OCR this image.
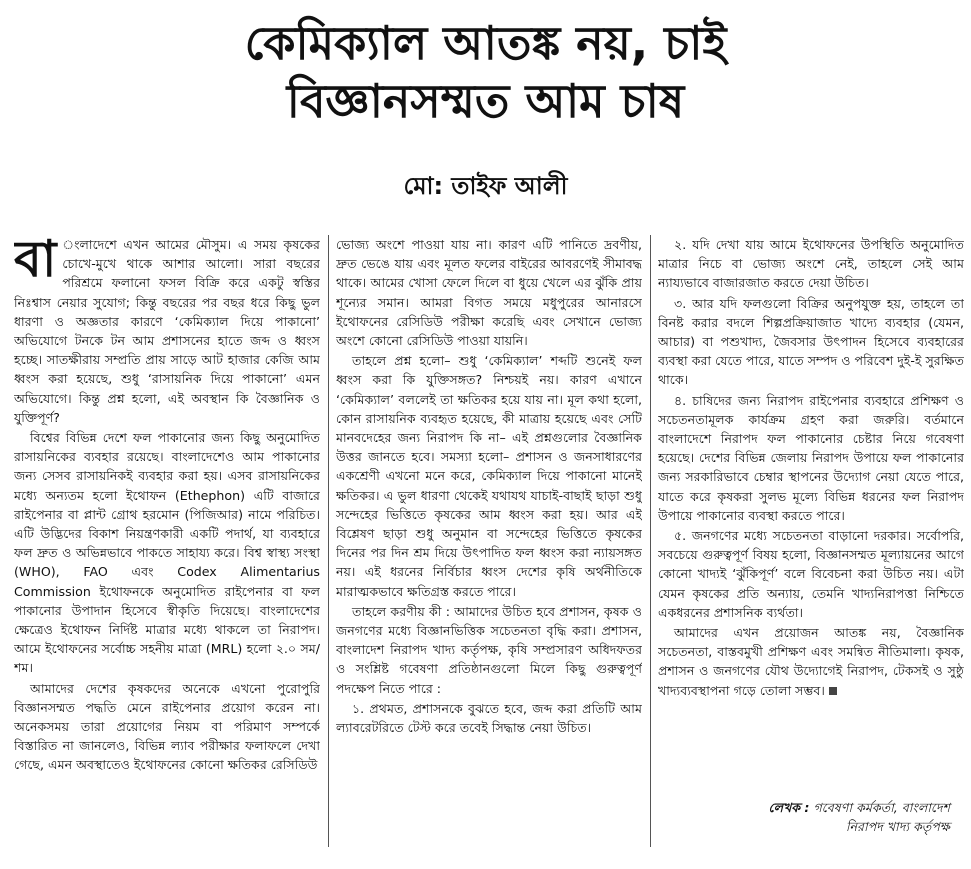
কেমিক্যাল আতঙ্ক নয়, চাই
বিজ্ঞানসম্মত আম চাষ
মো: তাইফ আলী

বা ংলাদেশে এখন আমের মৌসুম। এ সময় কৃষকের চোখে-মুখে থাকে আশার আলো। সারা বছরের পরিশ্রমে ফলানো ফসল বিক্রি করে একটু স্বস্তির নিঃশ্বাস নেয়ার সুযোগ; কিন্তু বছরের পর বছর ধরে কিছু ভুল ধারণা ও অজ্ঞতার কারণে ‘কেমিক্যাল দিয়ে পাকানো’ অভিযোগে টনকে টন আম প্রশাসনের হাতে জব্দ ও ধ্বংস হচ্ছে। সাতক্ষীরায় সম্প্রতি প্রায় সাড়ে আট হাজার কেজি আম ধ্বংস করা হয়েছে, শুধু ‘রাসায়নিক দিয়ে পাকানো’ এমন অভিযোগে। কিন্তু প্রশ্ন হলো, এই অবস্থান কি বৈজ্ঞানিক ও যুক্তিপূর্ণ?

বিশ্বের বিভিন্ন দেশে ফল পাকানোর জন্য কিছু অনুমোদিত রাসায়নিকের ব্যবহার রয়েছে। বাংলাদেশেও আম পাকানোর জন্য সেসব রাসায়নিকই ব্যবহার করা হয়। এসব রাসায়নিকের মধ্যে অন্যতম হলো ইথোফন (Ethephon) এটি বাজারে রাইপেনার বা প্লান্ট গ্রোথ হরমোন (পিজিআর) নামে পরিচিত। এটি উদ্ভিদের বিকাশ নিয়ন্ত্রণকারী একটি পদার্থ, যা ব্যবহারে ফল দ্রুত ও অভিন্নভাবে পাকতে সাহায্য করে। বিশ্ব স্বাস্থ্য সংস্থা (WHO), FAO এবং Codex Alimentarius Commission ইথোফনকে অনুমোদিত রাইপেনার বা ফল পাকানোর উপাদান হিসেবে স্বীকৃতি দিয়েছে। বাংলাদেশের ক্ষেত্রেও ইথোফন নির্দিষ্ট মাত্রার মধ্যে থাকলে তা নিরাপদ। আমে ইথোফনের সর্বোচ্চ সহনীয় মাত্রা (MRL) হলো ২.০ সম/শম।

আমাদের দেশের কৃষকদের অনেকে এখনো পুরোপুরি বিজ্ঞানসম্মত পদ্ধতি মেনে রাইপেনার প্রয়োগ করেন না। অনেকসময় তারা প্রয়োগের নিয়ম বা পরিমাণ সম্পর্কে বিস্তারিত না জানলেও, বিভিন্ন ল্যাব পরীক্ষার ফলাফলে দেখা গেছে, এমন অবস্থাতেও ইথোফনের কোনো ক্ষতিকর রেসিডিউ

ভোজ্য অংশে পাওয়া যায় না। কারণ এটি পানিতে দ্রবণীয়, দ্রুত ভেঙে যায় এবং মূলত ফলের বাইরের আবরণেই সীমাবদ্ধ থাকে। আমের খোসা ফেলে দিলে বা ধুয়ে খেলে এর ঝুঁকি প্রায় শূন্যের সমান। আমরা বিগত সময়ে মধুপুরের আনারসে ইথোফনের রেসিডিউ পরীক্ষা করেছি এবং সেখানে ভোজ্য অংশে কোনো রেসিডিউ পাওয়া যায়নি।

তাহলে প্রশ্ন হলো– শুধু ‘কেমিক্যাল’ শব্দটি শুনেই ফল ধ্বংস করা কি যুক্তিসঙ্গত? নিশ্চয়ই নয়। কারণ এখানে ‘কেমিক্যাল’ বললেই তা ক্ষতিকর হয়ে যায় না। মূল কথা হলো, কোন রাসায়নিক ব্যবহৃত হয়েছে, কী মাত্রায় হয়েছে এবং সেটি মানবদেহের জন্য নিরাপদ কি না– এই প্রশ্নগুলোর বৈজ্ঞানিক উত্তর জানতে হবে। সমস্যা হলো– প্রশাসন ও জনসাধারণের একশ্রেণী এখনো মনে করে, কেমিক্যাল দিয়ে পাকানো মানেই ক্ষতিকর। এ ভুল ধারণা থেকেই যথাযথ যাচাই-বাছাই ছাড়া শুধু সন্দেহের ভিত্তিতে কৃষকের আম ধ্বংস করা হয়। আর এই বিশ্লেষণ ছাড়া শুধু অনুমান বা সন্দেহের ভিত্তিতে কৃষকের দিনের পর দিন শ্রম দিয়ে উৎপাদিত ফল ধ্বংস করা ন্যায়সঙ্গত নয়। এই ধরনের নির্বিচার ধ্বংস দেশের কৃষি অর্থনীতিকে মারাত্মকভাবে ক্ষতিগ্রস্ত করতে পারে।

তাহলে করণীয় কী : আমাদের উচিত হবে প্রশাসন, কৃষক ও জনগণের মধ্যে বিজ্ঞানভিত্তিক সচেতনতা বৃদ্ধি করা। প্রশাসন, বাংলাদেশ নিরাপদ খাদ্য কর্তৃপক্ষ, কৃষি সম্প্রসারণ অধিদফতর ও সংশ্লিষ্ট গবেষণা প্রতিষ্ঠানগুলো মিলে কিছু গুরুত্বপূর্ণ পদক্ষেপ নিতে পারে :

১. প্রথমত, প্রশাসনকে বুঝতে হবে, জব্দ করা প্রতিটি আম ল্যাবরেটরিতে টেস্ট করে তবেই সিদ্ধান্ত নেয়া উচিত।

২. যদি দেখা যায় আমে ইথোফনের উপস্থিতি অনুমোদিত মাত্রার নিচে বা ভোজ্য অংশে নেই, তাহলে সেই আম ন্যায্যভাবে বাজারজাত করতে দেয়া উচিত।

৩. আর যদি ফলগুলো বিক্রির অনুপযুক্ত হয়, তাহলে তা বিনষ্ট করার বদলে শিল্পপ্রক্রিয়াজাত খাদ্যে ব্যবহার (যেমন, আচার) বা পশুখাদ্য, জৈবসার উৎপাদন হিসেবে ব্যবহারের ব্যবস্থা করা যেতে পারে, যাতে সম্পদ ও পরিবেশ দুই-ই সুরক্ষিত থাকে।

৪. চাষিদের জন্য নিরাপদ রাইপেনার ব্যবহারে প্রশিক্ষণ ও সচেতনতামূলক কার্যক্রম গ্রহণ করা জরুরি। বর্তমানে বাংলাদেশে নিরাপদ ফল পাকানোর চেষ্টার নিয়ে গবেষণা হয়েছে। দেশের বিভিন্ন জেলায় নিরাপদ উপায়ে ফল পাকানোর জন্য সরকারিভাবে চেম্বার স্থাপনের উদ্যোগ নেয়া যেতে পারে, যাতে করে কৃষকরা সুলভ মূল্যে বিভিন্ন ধরনের ফল নিরাপদ উপায়ে পাকানোর ব্যবস্থা করতে পারে।

৫. জনগণের মধ্যে সচেতনতা বাড়ানো দরকার। সর্বোপরি, সবচেয়ে গুরুত্বপূর্ণ বিষয় হলো, বিজ্ঞানসম্মত মূল্যায়নের আগে কোনো খাদ্যই ‘ঝুঁকিপূর্ণ’ বলে বিবেচনা করা উচিত নয়। এটা যেমন কৃষকের প্রতি অন্যায়, তেমনি খাদ্যনিরাপত্তা নিশ্চিতে একধরনের প্রশাসনিক ব্যর্থতা।

আমাদের এখন প্রয়োজন আতঙ্ক নয়, বৈজ্ঞানিক সচেতনতা, বাস্তবমুখী প্রশিক্ষণ এবং সমন্বিত নীতিমালা। কৃষক, প্রশাসন ও জনগণের যৌথ উদ্যোগেই নিরাপদ, টেকসই ও সুষ্ঠু খাদ্যব্যবস্থাপনা গড়ে তোলা সম্ভব।

লেখক : গবেষণা কর্মকর্তা, বাংলাদেশ
নিরাপদ খাদ্য কর্তৃপক্ষ
